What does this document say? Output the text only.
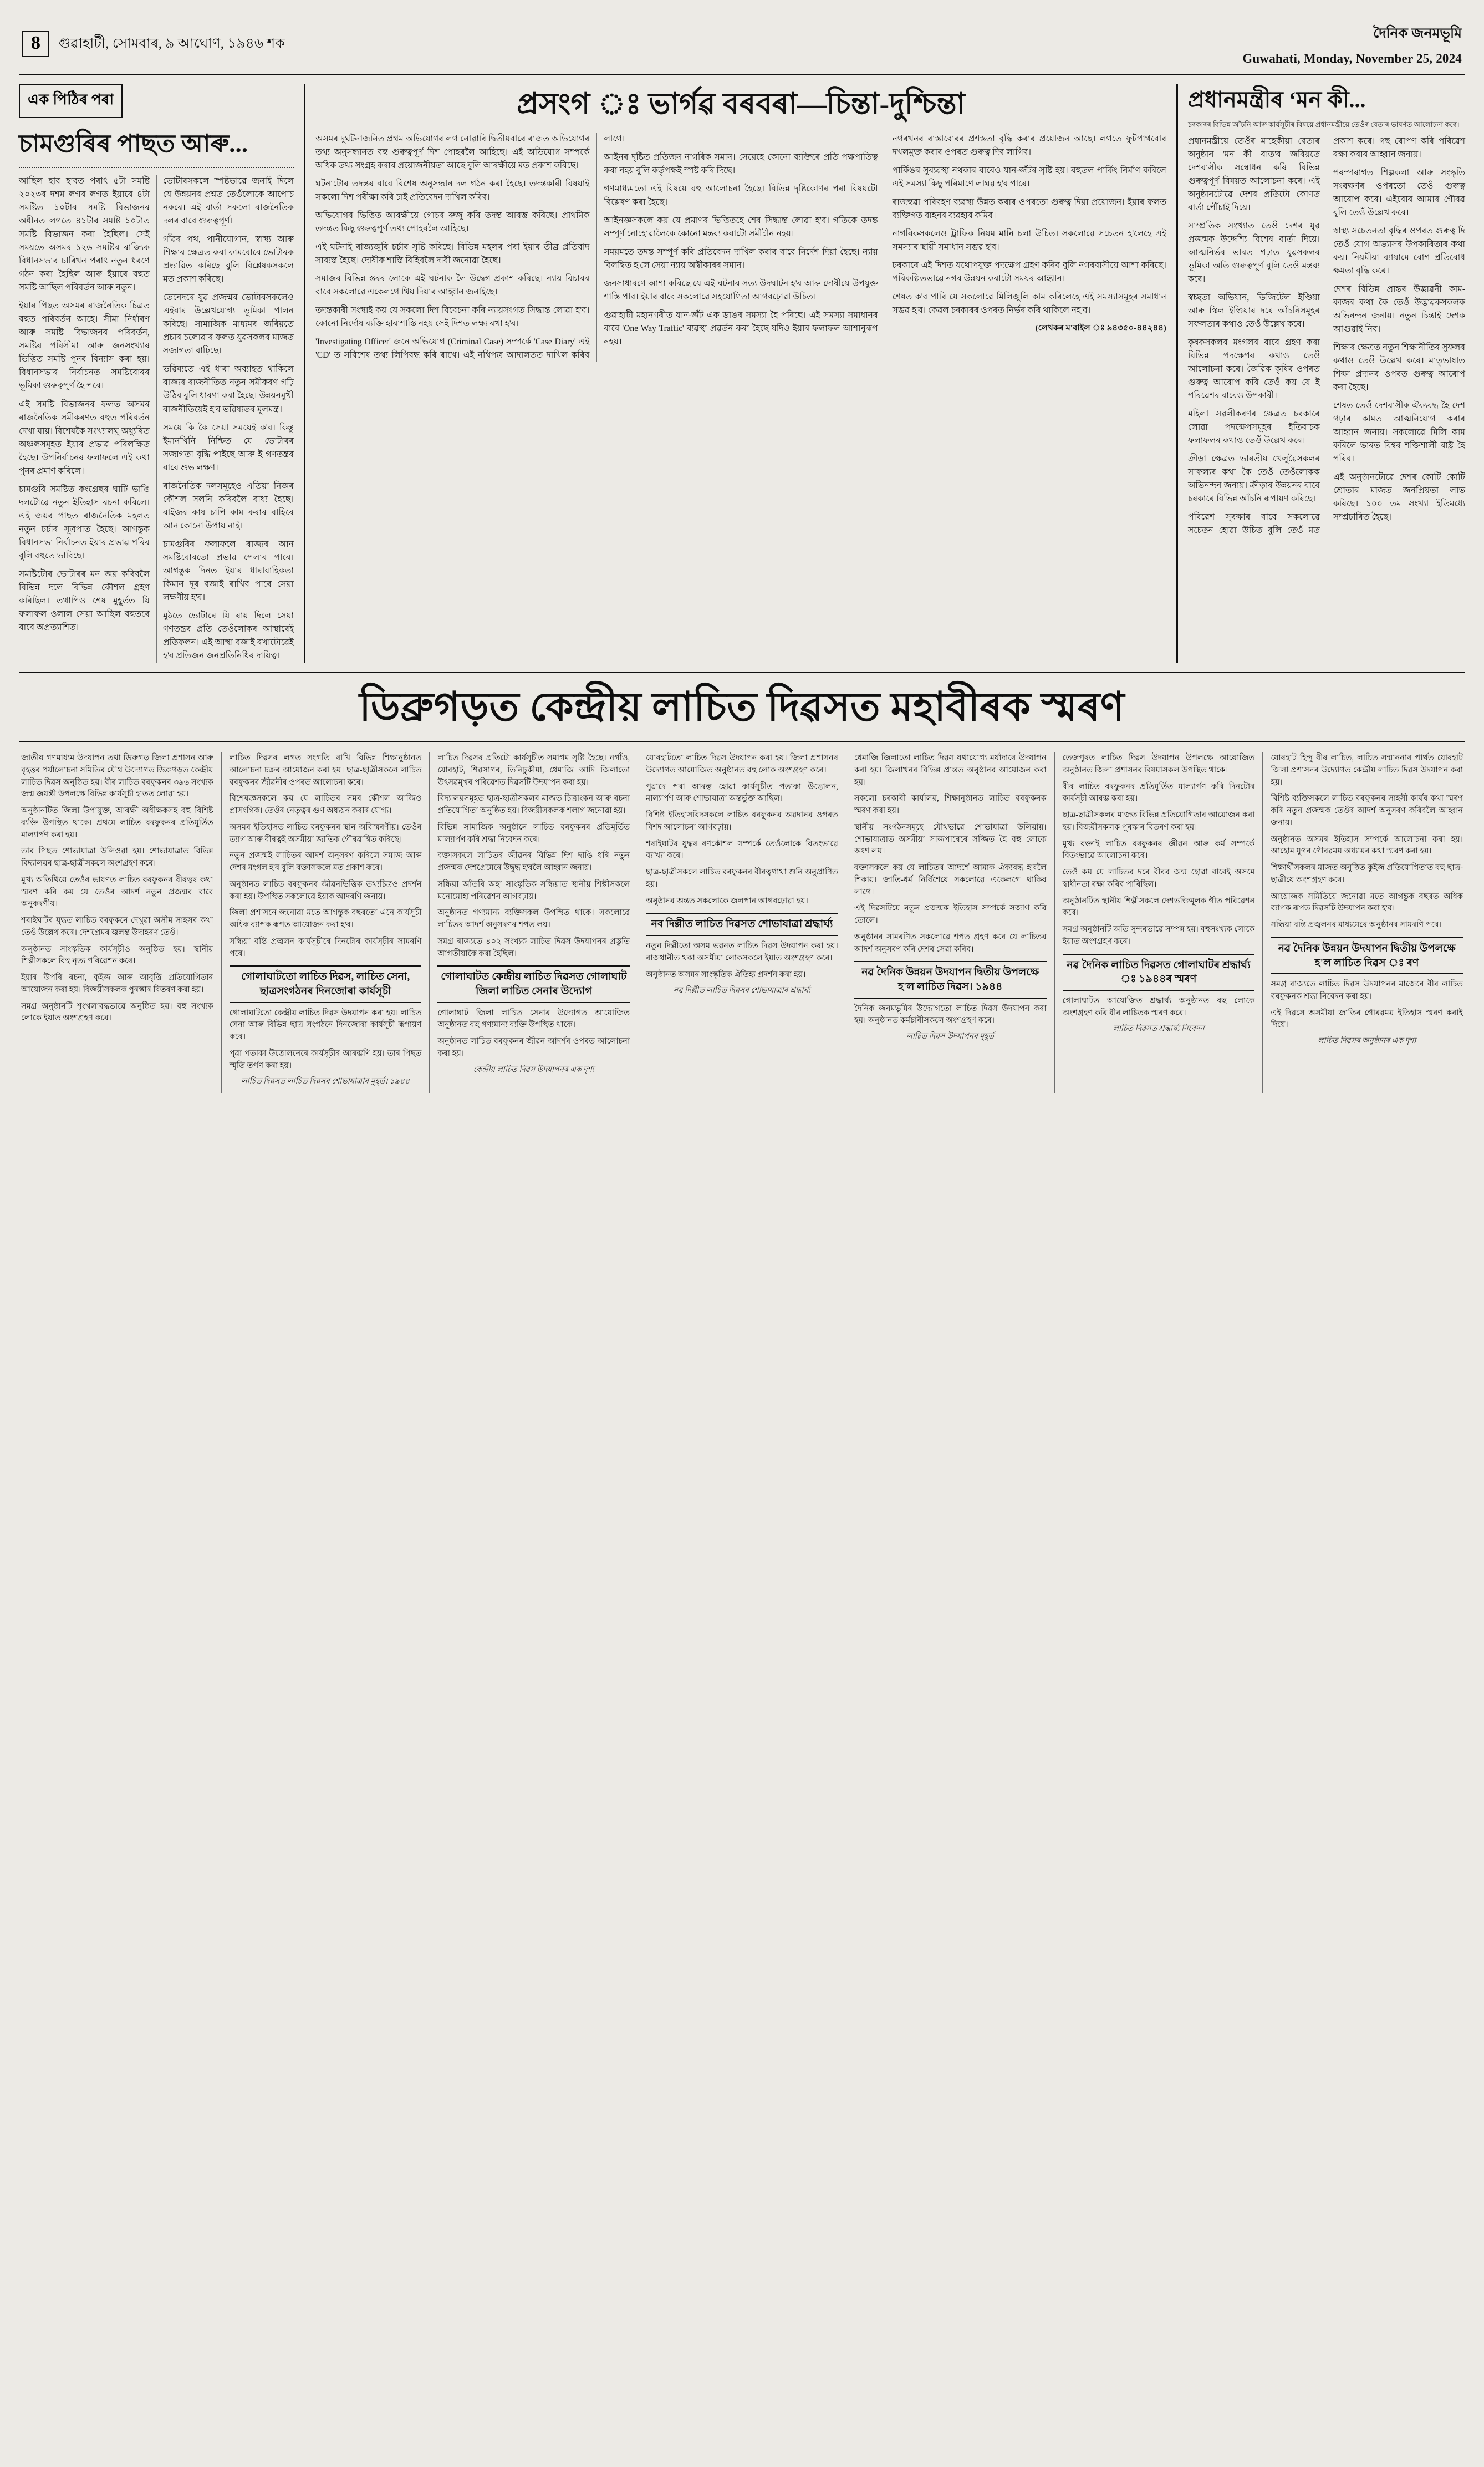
8	গুৱাহাটী, সোমবাৰ, ৯ আঘোণ, ১৯৪৬ শক
দৈনিক জনমভূমি
Guwahati, Monday, November 25, 2024
এক পিঠিৰ পৰা
চামগুৰিৰ পাছত আৰু...

আছিল হাব হাবত পৰাৎ ৫টা সমষ্টি ২০২৩ৰ দশম লগৰ লগত ইয়াৰে ৪টা সমষ্টিত ১০টাৰ সমষ্টি বিভাজনৰ অধীনত লগতে ৪১টাৰ সমষ্টি ১০টাত সমষ্টি বিভাজন কৰা হৈছিল। সেই সময়তে অসমৰ ১২৬ সমষ্টিৰ ৰাজ্যিক বিধানসভাৰ চাৰিখন পৰাৎ নতুন ধৰণে গঠন কৰা হৈছিল আৰু ইয়াৰে বহুত সমষ্টি আছিল পৰিবৰ্তন আৰু নতুন।

ইয়াৰ পিছত অসমৰ ৰাজনৈতিক চিত্ৰত বহুত পৰিবৰ্তন আহে। সীমা নিৰ্ধাৰণ আৰু সমষ্টি বিভাজনৰ পৰিবৰ্তন, সমষ্টিৰ পৰিসীমা আৰু জনসংখ্যাৰ ভিত্তিত সমষ্টি পুনৰ বিন্যাস কৰা হয়। বিধানসভাৰ নিৰ্বাচনত সমষ্টিবোৰৰ ভূমিকা গুৰুত্বপূৰ্ণ হৈ পৰে।

এই সমষ্টি বিভাজনৰ ফলত অসমৰ ৰাজনৈতিক সমীকৰণত বহুত পৰিবৰ্তন দেখা যায়। বিশেষকৈ সংখ্যালঘু অধ্যুষিত অঞ্চলসমূহত ইয়াৰ প্ৰভাৱ পৰিলক্ষিত হৈছে। উপনিৰ্বাচনৰ ফলাফলে এই কথা পুনৰ প্ৰমাণ কৰিলে।

চামগুৰি সমষ্টিত কংগ্ৰেছৰ ঘাটি ভাঙি দলটোৱে নতুন ইতিহাস ৰচনা কৰিলে। এই জয়ৰ পাছত ৰাজনৈতিক মহলত নতুন চৰ্চাৰ সূত্ৰপাত হৈছে। আগন্তুক বিধানসভা নিৰ্বাচনত ইয়াৰ প্ৰভাৱ পৰিব বুলি বহুতে ভাবিছে।

সমষ্টিটোৰ ভোটাৰৰ মন জয় কৰিবলৈ বিভিন্ন দলে বিভিন্ন কৌশল গ্ৰহণ কৰিছিল। তথাপিও শেষ মুহূৰ্তত যি ফলাফল ওলাল সেয়া আছিল বহুতৰে বাবে অপ্ৰত্যাশিত।

ভোটাৰসকলে স্পষ্টভাৱে জনাই দিলে যে উন্নয়নৰ প্ৰশ্নত তেওঁলোকে আপোচ নকৰে। এই বাৰ্তা সকলো ৰাজনৈতিক দলৰ বাবে গুৰুত্বপূৰ্ণ।

গাঁৱৰ পথ, পানীযোগান, স্বাস্থ্য আৰু শিক্ষাৰ ক্ষেত্ৰত কৰা কামবোৰে ভোটাৰক প্ৰভাৱিত কৰিছে বুলি বিশ্লেষকসকলে মত প্ৰকাশ কৰিছে।

তেনেদৰে যুৱ প্ৰজন্মৰ ভোটাৰসকলেও এইবাৰ উল্লেখযোগ্য ভূমিকা পালন কৰিছে। সামাজিক মাধ্যমৰ জৰিয়তে প্ৰচাৰ চলোৱাৰ ফলত যুৱসকলৰ মাজত সজাগতা বাঢ়িছে।

ভৱিষ্যতে এই ধাৰা অব্যাহত থাকিলে ৰাজ্যৰ ৰাজনীতিত নতুন সমীকৰণ গঢ়ি উঠিব বুলি ধাৰণা কৰা হৈছে। উন্নয়নমুখী ৰাজনীতিয়েই হ'ব ভৱিষ্যতৰ মূলমন্ত্ৰ।

সময়ে কি কৈ সেয়া সময়েই ক'ব। কিন্তু ইমানখিনি নিশ্চিত যে ভোটাৰৰ সজাগতা বৃদ্ধি পাইছে আৰু ই গণতন্ত্ৰৰ বাবে শুভ লক্ষণ।

ৰাজনৈতিক দলসমূহেও এতিয়া নিজৰ কৌশল সলনি কৰিবলৈ বাধ্য হৈছে। ৰাইজৰ কাষ চাপি কাম কৰাৰ বাহিৰে আন কোনো উপায় নাই।

চামগুৰিৰ ফলাফলে ৰাজ্যৰ আন সমষ্টিবোৰতো প্ৰভাৱ পেলাব পাৰে। আগন্তুক দিনত ইয়াৰ ধাৰাবাহিকতা কিমান দূৰ বজাই ৰাখিব পাৰে সেয়া লক্ষণীয় হ'ব।

মুঠতে ভোটাৰে যি ৰায় দিলে সেয়া গণতন্ত্ৰৰ প্ৰতি তেওঁলোকৰ আস্থাৰেই প্ৰতিফলন। এই আস্থা বজাই ৰখাটোৱেই হ'ব প্ৰতিজন জনপ্ৰতিনিধিৰ দায়িত্ব।

প্ৰসংগ ঃ ভাৰ্গৱ বৰবৰা—চিন্তা-দুশ্চিন্তা

অসমৰ দুৰ্ঘটনাজনিত প্ৰথম অভিযোগৰ লগ নোৱাৰি দ্বিতীয়বাৰে ৰাজত অভিযোগৰ তথ্য অনুসন্ধানত বহু গুৰুত্বপূৰ্ণ দিশ পোহৰলৈ আহিছে। এই অভিযোগ সম্পৰ্কে অধিক তথ্য সংগ্ৰহ কৰাৰ প্ৰয়োজনীয়তা আছে বুলি আৰক্ষীয়ে মত প্ৰকাশ কৰিছে।

ঘটনাটোৰ তদন্তৰ বাবে বিশেষ অনুসন্ধান দল গঠন কৰা হৈছে। তদন্তকাৰী বিষয়াই সকলো দিশ পৰীক্ষা কৰি চাই প্ৰতিবেদন দাখিল কৰিব।

অভিযোগৰ ভিত্তিত আৰক্ষীয়ে গোচৰ ৰুজু কৰি তদন্ত আৰম্ভ কৰিছে। প্ৰাথমিক তদন্তত কিছু গুৰুত্বপূৰ্ণ তথ্য পোহৰলৈ আহিছে।

এই ঘটনাই ৰাজ্যজুৰি চৰ্চাৰ সৃষ্টি কৰিছে। বিভিন্ন মহলৰ পৰা ইয়াৰ তীব্ৰ প্ৰতিবাদ সাব্যস্ত হৈছে। দোষীক শাস্তি বিহিবলৈ দাবী জনোৱা হৈছে।

সমাজৰ বিভিন্ন স্তৰৰ লোকে এই ঘটনাক লৈ উদ্বেগ প্ৰকাশ কৰিছে। ন্যায় বিচাৰৰ বাবে সকলোৱে একেলগে থিয় দিয়াৰ আহ্বান জনাইছে।

তদন্তকাৰী সংস্থাই কয় যে সকলো দিশ বিবেচনা কৰি ন্যায়সংগত সিদ্ধান্ত লোৱা হ'ব। কোনো নিৰ্দোষ ব্যক্তি হাৰাশাস্তি নহয় সেই দিশত লক্ষ্য ৰখা হ'ব।

'Investigating Officer' জনে অভিযোগ (Criminal Case) সম্পৰ্কে 'Case Diary' এই 'CD' ত সবিশেষ তথ্য লিপিবদ্ধ কৰি ৰাখে। এই নথিপত্ৰ আদালতত দাখিল কৰিব লাগে।

আইনৰ দৃষ্টিত প্ৰতিজন নাগৰিক সমান। সেয়েহে কোনো ব্যক্তিৰে প্ৰতি পক্ষপাতিত্ব কৰা নহয় বুলি কৰ্তৃপক্ষই স্পষ্ট কৰি দিছে।

গণমাধ্যমতো এই বিষয়ে বহু আলোচনা হৈছে। বিভিন্ন দৃষ্টিকোণৰ পৰা বিষয়টো বিশ্লেষণ কৰা হৈছে।

আইনজ্ঞসকলে কয় যে প্ৰমাণৰ ভিত্তিতহে শেষ সিদ্ধান্ত লোৱা হ'ব। গতিকে তদন্ত সম্পূৰ্ণ নোহোৱালৈকে কোনো মন্তব্য কৰাটো সমীচীন নহয়।

সময়মতে তদন্ত সম্পূৰ্ণ কৰি প্ৰতিবেদন দাখিল কৰাৰ বাবে নিৰ্দেশ দিয়া হৈছে। ন্যায় বিলম্বিত হ'লে সেয়া ন্যায় অস্বীকাৰৰ সমান।

জনসাধাৰণে আশা কৰিছে যে এই ঘটনাৰ সত্য উদঘাটন হ'ব আৰু দোষীয়ে উপযুক্ত শাস্তি পাব। ইয়াৰ বাবে সকলোৱে সহযোগিতা আগবঢ়োৱা উচিত।

গুৱাহাটী মহানগৰীত যান-জঁট এক ডাঙৰ সমস্যা হৈ পৰিছে। এই সমস্যা সমাধানৰ বাবে 'One Way Traffic' ব্যৱস্থা প্ৰৱৰ্তন কৰা হৈছে যদিও ইয়াৰ ফলাফল আশানুৰূপ নহয়।

নগৰখনৰ ৰাস্তাবোৰৰ প্ৰশস্ততা বৃদ্ধি কৰাৰ প্ৰয়োজন আছে। লগতে ফুটপাথবোৰ দখলমুক্ত কৰাৰ ওপৰত গুৰুত্ব দিব লাগিব।

পাৰ্কিঙৰ সুব্যৱস্থা নথকাৰ বাবেও যান-জঁটৰ সৃষ্টি হয়। বহুতল পাৰ্কিং নিৰ্মাণ কৰিলে এই সমস্যা কিছু পৰিমাণে লাঘৱ হ'ব পাৰে।

ৰাজহুৱা পৰিবহণ ব্যৱস্থা উন্নত কৰাৰ ওপৰতো গুৰুত্ব দিয়া প্ৰয়োজন। ইয়াৰ ফলত ব্যক্তিগত বাহনৰ ব্যৱহাৰ কমিব।

নাগৰিকসকলেও ট্ৰাফিক নিয়ম মানি চলা উচিত। সকলোৱে সচেতন হ'লেহে এই সমস্যাৰ স্থায়ী সমাধান সম্ভৱ হ'ব।

চৰকাৰে এই দিশত যথোপযুক্ত পদক্ষেপ গ্ৰহণ কৰিব বুলি নগৰবাসীয়ে আশা কৰিছে। পৰিকল্পিতভাৱে নগৰ উন্নয়ন কৰাটো সময়ৰ আহ্বান।

শেষত ক'ব পাৰি যে সকলোৱে মিলিজুলি কাম কৰিলেহে এই সমস্যাসমূহৰ সমাধান সম্ভৱ হ'ব। কেৱল চৰকাৰৰ ওপৰত নিৰ্ভৰ কৰি থাকিলে নহ'ব।

(লেখকৰ ম'বাইল ঃ ৯৪৩৫০-৪৪২৪৪)

প্ৰধানমন্ত্ৰীৰ ‘মন কী...
চৰকাৰৰ বিভিন্ন আঁচনি আৰু কাৰ্যসূচীৰ বিষয়ে প্ৰধানমন্ত্ৰীয়ে তেওঁৰ বেতাৰ ভাষণত আলোচনা কৰে।

প্ৰধানমন্ত্ৰীয়ে তেওঁৰ মাহেকীয়া বেতাৰ অনুষ্ঠান 'মন কী বাত'ৰ জৰিয়তে দেশবাসীক সম্বোধন কৰি বিভিন্ন গুৰুত্বপূৰ্ণ বিষয়ত আলোচনা কৰে। এই অনুষ্ঠানটোৱে দেশৰ প্ৰতিটো কোণত বাৰ্তা পৌঁচাই দিয়ে।

সাম্প্ৰতিক সংখ্যাত তেওঁ দেশৰ যুৱ প্ৰজন্মক উদ্দেশ্যি বিশেষ বাৰ্তা দিয়ে। আত্মনিৰ্ভৰ ভাৰত গঢ়াত যুৱসকলৰ ভূমিকা অতি গুৰুত্বপূৰ্ণ বুলি তেওঁ মন্তব্য কৰে।

স্বচ্ছতা অভিযান, ডিজিটেল ইণ্ডিয়া আৰু স্কিল ইণ্ডিয়াৰ দৰে আঁচনিসমূহৰ সফলতাৰ কথাও তেওঁ উল্লেখ কৰে।

কৃষকসকলৰ মংগলৰ বাবে গ্ৰহণ কৰা বিভিন্ন পদক্ষেপৰ কথাও তেওঁ আলোচনা কৰে। জৈৱিক কৃষিৰ ওপৰত গুৰুত্ব আৰোপ কৰি তেওঁ কয় যে ই পৰিৱেশৰ বাবেও উপকাৰী।

মহিলা সৱলীকৰণৰ ক্ষেত্ৰত চৰকাৰে লোৱা পদক্ষেপসমূহৰ ইতিবাচক ফলাফলৰ কথাও তেওঁ উল্লেখ কৰে।

ক্ৰীড়া ক্ষেত্ৰত ভাৰতীয় খেলুৱৈসকলৰ সাফল্যৰ কথা কৈ তেওঁ তেওঁলোকক অভিনন্দন জনায়। ক্ৰীড়াৰ উন্নয়নৰ বাবে চৰকাৰে বিভিন্ন আঁচনি ৰূপায়ণ কৰিছে।

পৰিৱেশ সুৰক্ষাৰ বাবে সকলোৱে সচেতন হোৱা উচিত বুলি তেওঁ মত প্ৰকাশ কৰে। গছ ৰোপণ কৰি পৰিৱেশ ৰক্ষা কৰাৰ আহ্বান জনায়।

পৰম্পৰাগত শিল্পকলা আৰু সংস্কৃতি সংৰক্ষণৰ ওপৰতো তেওঁ গুৰুত্ব আৰোপ কৰে। এইবোৰ আমাৰ গৌৰৱ বুলি তেওঁ উল্লেখ কৰে।

স্বাস্থ্য সচেতনতা বৃদ্ধিৰ ওপৰত গুৰুত্ব দি তেওঁ যোগ অভ্যাসৰ উপকাৰিতাৰ কথা কয়। নিয়মীয়া ব্যায়ামে ৰোগ প্ৰতিৰোধ ক্ষমতা বৃদ্ধি কৰে।

দেশৰ বিভিন্ন প্ৰান্তৰ উদ্ভাৱনী কাম-কাজৰ কথা কৈ তেওঁ উদ্ভাৱকসকলক অভিনন্দন জনায়। নতুন চিন্তাই দেশক আগুৱাই নিব।

শিক্ষাৰ ক্ষেত্ৰত নতুন শিক্ষানীতিৰ সুফলৰ কথাও তেওঁ উল্লেখ কৰে। মাতৃভাষাত শিক্ষা প্ৰদানৰ ওপৰত গুৰুত্ব আৰোপ কৰা হৈছে।

শেষত তেওঁ দেশবাসীক ঐক্যবদ্ধ হৈ দেশ গঢ়াৰ কামত আত্মনিয়োগ কৰাৰ আহ্বান জনায়। সকলোৱে মিলি কাম কৰিলে ভাৰত বিশ্বৰ শক্তিশালী ৰাষ্ট্ৰ হৈ পৰিব।

এই অনুষ্ঠানটোৱে দেশৰ কোটি কোটি শ্ৰোতাৰ মাজত জনপ্ৰিয়তা লাভ কৰিছে। ১০০ তম সংখ্যা ইতিমধ্যে সম্প্ৰচাৰিত হৈছে।

ডিব্ৰুগড়ত কেন্দ্ৰীয় লাচিত দিৱসত মহাবীৰক স্মৰণ

জাতীয় গণমাধ্যম উদযাপন তথা ডিব্ৰুগড় জিলা প্ৰশাসন আৰু বৃহত্তৰ পৰ্যালোচনা সমিতিৰ যৌথ উদ্যোগত ডিব্ৰুগড়ত কেন্দ্ৰীয় লাচিত দিৱস অনুষ্ঠিত হয়। বীৰ লাচিত বৰফুকনৰ ৩৯৬ সংখ্যক জন্ম জয়ন্তী উপলক্ষে বিভিন্ন কাৰ্যসূচী হাতত লোৱা হয়।

অনুষ্ঠানটিত জিলা উপায়ুক্ত, আৰক্ষী অধীক্ষকসহ বহু বিশিষ্ট ব্যক্তি উপস্থিত থাকে। প্ৰথমে লাচিত বৰফুকনৰ প্ৰতিমূৰ্তিত মাল্যাৰ্পণ কৰা হয়।

তাৰ পিছত শোভাযাত্ৰা উলিওৱা হয়। শোভাযাত্ৰাত বিভিন্ন বিদ্যালয়ৰ ছাত্ৰ-ছাত্ৰীসকলে অংশগ্ৰহণ কৰে।

মুখ্য অতিথিয়ে তেওঁৰ ভাষণত লাচিত বৰফুকনৰ বীৰত্বৰ কথা স্মৰণ কৰি কয় যে তেওঁৰ আদৰ্শ নতুন প্ৰজন্মৰ বাবে অনুকৰণীয়।

শৰাইঘাটৰ যুদ্ধত লাচিত বৰফুকনে দেখুৱা অসীম সাহসৰ কথা তেওঁ উল্লেখ কৰে। দেশপ্ৰেমৰ জ্বলন্ত উদাহৰণ তেওঁ।

অনুষ্ঠানত সাংস্কৃতিক কাৰ্যসূচীও অনুষ্ঠিত হয়। স্থানীয় শিল্পীসকলে বিহু নৃত্য পৰিৱেশন কৰে।

ইয়াৰ উপৰি ৰচনা, কুইজ আৰু আবৃত্তি প্ৰতিযোগিতাৰ আয়োজন কৰা হয়। বিজয়ীসকলক পুৰস্কাৰ বিতৰণ কৰা হয়।

সমগ্ৰ অনুষ্ঠানটি শৃংখলাবদ্ধভাৱে অনুষ্ঠিত হয়। বহু সংখ্যক লোকে ইয়াত অংশগ্ৰহণ কৰে।

লাচিত দিৱসৰ লগত সংগতি ৰাখি বিভিন্ন শিক্ষানুষ্ঠানত আলোচনা চক্ৰৰ আয়োজন কৰা হয়। ছাত্ৰ-ছাত্ৰীসকলে লাচিত বৰফুকনৰ জীৱনীৰ ওপৰত আলোচনা কৰে।

বিশেষজ্ঞসকলে কয় যে লাচিতৰ সমৰ কৌশল আজিও প্ৰাসংগিক। তেওঁৰ নেতৃত্বৰ গুণ অধ্যয়ন কৰাৰ যোগ্য।

অসমৰ ইতিহাসত লাচিত বৰফুকনৰ স্থান অবিস্মৰণীয়। তেওঁৰ ত্যাগ আৰু বীৰত্বই অসমীয়া জাতিক গৌৰৱান্বিত কৰিছে।

নতুন প্ৰজন্মই লাচিতৰ আদৰ্শ অনুসৰণ কৰিলে সমাজ আৰু দেশৰ মংগল হ'ব বুলি বক্তাসকলে মত প্ৰকাশ কৰে।

অনুষ্ঠানত লাচিত বৰফুকনৰ জীৱনভিত্তিক তথ্যচিত্ৰও প্ৰদৰ্শন কৰা হয়। উপস্থিত সকলোৱে ইয়াক আদৰণি জনায়।

জিলা প্ৰশাসনে জনোৱা মতে আগন্তুক বছৰতো এনে কাৰ্যসূচী অধিক ব্যাপক ৰূপত আয়োজন কৰা হ'ব।

সন্ধিয়া বন্তি প্ৰজ্বলন কাৰ্যসূচীৰে দিনটোৰ কাৰ্যসূচীৰ সামৰণি পৰে।

গোলাঘাটতো লাচিত দিৱস, লাচিত সেনা, ছাত্ৰসংগঠনৰ দিনজোৰা কাৰ্যসূচী

গোলাঘাটতো কেন্দ্ৰীয় লাচিত দিৱস উদযাপন কৰা হয়। লাচিত সেনা আৰু বিভিন্ন ছাত্ৰ সংগঠনে দিনজোৰা কাৰ্যসূচী ৰূপায়ণ কৰে।

পুৱা পতাকা উত্তোলনেৰে কাৰ্যসূচীৰ আৰম্ভণি হয়। তাৰ পিছত স্মৃতি তৰ্পণ কৰা হয়।

লাচিত দিৱসত লাচিত দিৱসৰ শোভাযাত্ৰাৰ মুহূৰ্ত। ১৯৪৪

লাচিত দিৱসৰ প্ৰতিটো কাৰ্যসূচীত সমাগম সৃষ্টি হৈছে। নগাঁও, যোৰহাট, শিৱসাগৰ, তিনিচুকীয়া, ধেমাজি আদি জিলাতো উৎসৱমুখৰ পৰিৱেশত দিৱসটি উদযাপন কৰা হয়।

বিদ্যালয়সমূহত ছাত্ৰ-ছাত্ৰীসকলৰ মাজত চিত্ৰাংকন আৰু ৰচনা প্ৰতিযোগিতা অনুষ্ঠিত হয়। বিজয়ীসকলক শলাগ জনোৱা হয়।

বিভিন্ন সামাজিক অনুষ্ঠানে লাচিত বৰফুকনৰ প্ৰতিমূৰ্তিত মাল্যাৰ্পণ কৰি শ্ৰদ্ধা নিবেদন কৰে।

বক্তাসকলে লাচিতৰ জীৱনৰ বিভিন্ন দিশ দাঙি ধৰি নতুন প্ৰজন্মক দেশপ্ৰেমেৰে উদ্বুদ্ধ হ'বলৈ আহ্বান জনায়।

সন্ধিয়া আঁতৰি অহা সাংস্কৃতিক সন্ধিয়াত স্থানীয় শিল্পীসকলে মনোমোহা পৰিৱেশন আগবঢ়ায়।

অনুষ্ঠানত গণ্যমান্য ব্যক্তিসকল উপস্থিত থাকে। সকলোৱে লাচিতৰ আদৰ্শ অনুসৰণৰ শপত লয়।

সমগ্ৰ ৰাজ্যতে ৪০২ সংখ্যক লাচিত দিৱস উদযাপনৰ প্ৰস্তুতি আগতীয়াকৈ কৰা হৈছিল।

গোলাঘাটত কেন্দ্ৰীয় লাচিত দিৱসত গোলাঘাট জিলা লাচিত সেনাৰ উদ্যোগ

গোলাঘাট জিলা লাচিত সেনাৰ উদ্যোগত আয়োজিত অনুষ্ঠানত বহু গণ্যমান্য ব্যক্তি উপস্থিত থাকে।

অনুষ্ঠানত লাচিত বৰফুকনৰ জীৱন আদৰ্শৰ ওপৰত আলোচনা কৰা হয়।

কেন্দ্ৰীয় লাচিত দিৱস উদযাপনৰ এক দৃশ্য

যোৰহাটতো লাচিত দিৱস উদযাপন কৰা হয়। জিলা প্ৰশাসনৰ উদ্যোগত আয়োজিত অনুষ্ঠানত বহু লোক অংশগ্ৰহণ কৰে।

পুৱাৰে পৰা আৰম্ভ হোৱা কাৰ্যসূচীত পতাকা উত্তোলন, মাল্যাৰ্পণ আৰু শোভাযাত্ৰা অন্তৰ্ভুক্ত আছিল।

বিশিষ্ট ইতিহাসবিদসকলে লাচিত বৰফুকনৰ অৱদানৰ ওপৰত বিশদ আলোচনা আগবঢ়ায়।

শৰাইঘাটৰ যুদ্ধৰ ৰণকৌশল সম্পৰ্কে তেওঁলোকে বিতংভাৱে ব্যাখ্যা কৰে।

ছাত্ৰ-ছাত্ৰীসকলে লাচিত বৰফুকনৰ বীৰত্বগাথা শুনি অনুপ্ৰাণিত হয়।

অনুষ্ঠানৰ অন্তত সকলোকে জলপান আগবঢ়োৱা হয়।

নব দিল্লীত লাচিত দিৱসত শোভাযাত্ৰা শ্ৰদ্ধাৰ্ঘ্য

নতুন দিল্লীতো অসম ভৱনত লাচিত দিৱস উদযাপন কৰা হয়। ৰাজধানীত থকা অসমীয়া লোকসকলে ইয়াত অংশগ্ৰহণ কৰে।

অনুষ্ঠানত অসমৰ সাংস্কৃতিক ঐতিহ্য প্ৰদৰ্শন কৰা হয়।

নৱ দিল্লীত লাচিত দিৱসৰ শোভাযাত্ৰাৰ শ্ৰদ্ধাৰ্ঘ্য

ধেমাজি জিলাতো লাচিত দিৱস যথাযোগ্য মৰ্যাদাৰে উদযাপন কৰা হয়। জিলাখনৰ বিভিন্ন প্ৰান্তত অনুষ্ঠানৰ আয়োজন কৰা হয়।

সকলো চৰকাৰী কাৰ্যালয়, শিক্ষানুষ্ঠানত লাচিত বৰফুকনক স্মৰণ কৰা হয়।

স্থানীয় সংগঠনসমূহে যৌথভাৱে শোভাযাত্ৰা উলিয়ায়। শোভাযাত্ৰাত অসমীয়া সাজপাৰেৰে সজ্জিত হৈ বহু লোকে অংশ লয়।

বক্তাসকলে কয় যে লাচিতৰ আদৰ্শে আমাক ঐক্যবদ্ধ হ'বলৈ শিকায়। জাতি-ধৰ্ম নিৰ্বিশেষে সকলোৱে একেলগে থাকিব লাগে।

এই দিৱসটিয়ে নতুন প্ৰজন্মক ইতিহাস সম্পৰ্কে সজাগ কৰি তোলে।

অনুষ্ঠানৰ সামৰণিত সকলোৱে শপত গ্ৰহণ কৰে যে লাচিতৰ আদৰ্শ অনুসৰণ কৰি দেশৰ সেৱা কৰিব।

নৱ দৈনিক উন্নয়ন উদযাপন দ্বিতীয় উপলক্ষে হ'ল লাচিত দিৱস। ১৯৪৪

দৈনিক জনমভূমিৰ উদ্যোগতো লাচিত দিৱস উদযাপন কৰা হয়। অনুষ্ঠানত কৰ্মচাৰীসকলে অংশগ্ৰহণ কৰে।

লাচিত দিৱস উদযাপনৰ মুহূৰ্ত

তেজপুৰত লাচিত দিৱস উদযাপন উপলক্ষে আয়োজিত অনুষ্ঠানত জিলা প্ৰশাসনৰ বিষয়াসকল উপস্থিত থাকে।

বীৰ লাচিত বৰফুকনৰ প্ৰতিমূৰ্তিত মাল্যাৰ্পণ কৰি দিনটোৰ কাৰ্যসূচী আৰম্ভ কৰা হয়।

ছাত্ৰ-ছাত্ৰীসকলৰ মাজত বিভিন্ন প্ৰতিযোগিতাৰ আয়োজন কৰা হয়। বিজয়ীসকলক পুৰস্কাৰ বিতৰণ কৰা হয়।

মুখ্য বক্তাই লাচিত বৰফুকনৰ জীৱন আৰু কৰ্ম সম্পৰ্কে বিতংভাৱে আলোচনা কৰে।

তেওঁ কয় যে লাচিতৰ দৰে বীৰৰ জন্ম হোৱা বাবেই অসমে স্বাধীনতা ৰক্ষা কৰিব পাৰিছিল।

অনুষ্ঠানটিত স্থানীয় শিল্পীসকলে দেশভক্তিমূলক গীত পৰিৱেশন কৰে।

সমগ্ৰ অনুষ্ঠানটি অতি সুন্দৰভাৱে সম্পন্ন হয়। বহুসংখ্যক লোকে ইয়াত অংশগ্ৰহণ কৰে।

নৱ দৈনিক লাচিত দিৱসত গোলাঘাটৰ শ্ৰদ্ধাৰ্ঘ্য ঃ ১৯৪৪ৰ স্মৰণ

গোলাঘাটত আয়োজিত শ্ৰদ্ধাৰ্ঘ্য অনুষ্ঠানত বহু লোকে অংশগ্ৰহণ কৰি বীৰ লাচিতক স্মৰণ কৰে।

লাচিত দিৱসত শ্ৰদ্ধাৰ্ঘ্য নিবেদন

যোৰহাট হিন্দু বীৰ লাচিত, লাচিত সন্মাননাৰ পাৰ্থত যোৰহাট জিলা প্ৰশাসনৰ উদ্যোগত কেন্দ্ৰীয় লাচিত দিৱস উদযাপন কৰা হয়।

বিশিষ্ট ব্যক্তিসকলে লাচিত বৰফুকনৰ সাহসী কাৰ্যৰ কথা স্মৰণ কৰি নতুন প্ৰজন্মক তেওঁৰ আদৰ্শ অনুসৰণ কৰিবলৈ আহ্বান জনায়।

অনুষ্ঠানত অসমৰ ইতিহাস সম্পৰ্কে আলোচনা কৰা হয়। আহোম যুগৰ গৌৰৱময় অধ্যায়ৰ কথা স্মৰণ কৰা হয়।

শিক্ষাৰ্থীসকলৰ মাজত অনুষ্ঠিত কুইজ প্ৰতিযোগিতাত বহু ছাত্ৰ-ছাত্ৰীয়ে অংশগ্ৰহণ কৰে।

আয়োজক সমিতিয়ে জনোৱা মতে আগন্তুক বছৰত অধিক ব্যাপক ৰূপত দিৱসটি উদযাপন কৰা হ'ব।

সন্ধিয়া বন্তি প্ৰজ্বলনৰ মাধ্যমেৰে অনুষ্ঠানৰ সামৰণি পৰে।

নৱ দৈনিক উন্নয়ন উদযাপন দ্বিতীয় উপলক্ষে হ'ল লাচিত দিৱস ঃ ৰণ

সমগ্ৰ ৰাজ্যতে লাচিত দিৱস উদযাপনৰ মাজেৰে বীৰ লাচিত বৰফুকনক শ্ৰদ্ধা নিবেদন কৰা হয়।

এই দিৱসে অসমীয়া জাতিৰ গৌৰৱময় ইতিহাস স্মৰণ কৰাই দিয়ে।

লাচিত দিৱসৰ অনুষ্ঠানৰ এক দৃশ্য
